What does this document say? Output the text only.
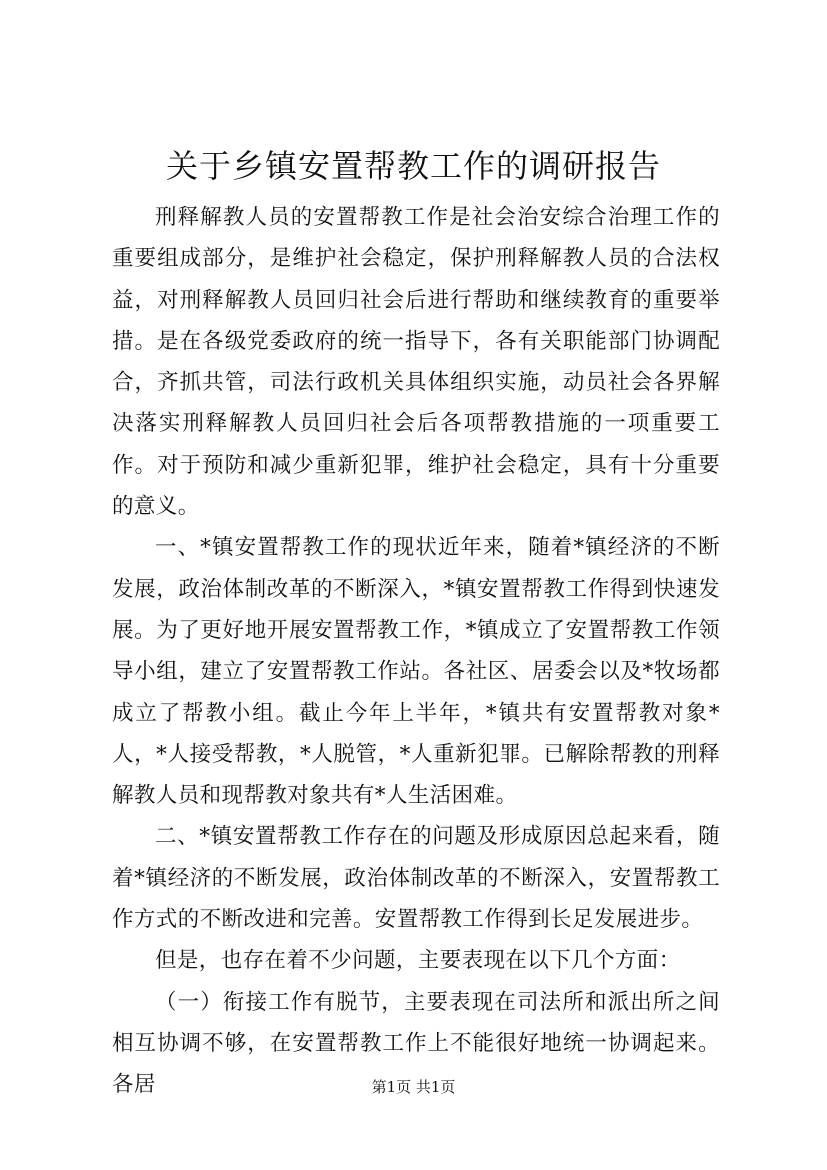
关于乡镇安置帮教工作的调研报告

刑释解教人员的安置帮教工作是社会治安综合治理工作的重要组成部分，是维护社会稳定，保护刑释解教人员的合法权益，对刑释解教人员回归社会后进行帮助和继续教育的重要举措。是在各级党委政府的统一指导下，各有关职能部门协调配合，齐抓共管，司法行政机关具体组织实施，动员社会各界解决落实刑释解教人员回归社会后各项帮教措施的一项重要工作。对于预防和减少重新犯罪，维护社会稳定，具有十分重要的意义。

一、*镇安置帮教工作的现状近年来，随着*镇经济的不断发展，政治体制改革的不断深入，*镇安置帮教工作得到快速发展。为了更好地开展安置帮教工作，*镇成立了安置帮教工作领导小组，建立了安置帮教工作站。各社区、居委会以及*牧场都成立了帮教小组。截止今年上半年，*镇共有安置帮教对象*人，*人接受帮教，*人脱管，*人重新犯罪。已解除帮教的刑释解教人员和现帮教对象共有*人生活困难。

二、*镇安置帮教工作存在的问题及形成原因总起来看，随着*镇经济的不断发展，政治体制改革的不断深入，安置帮教工作方式的不断改进和完善。安置帮教工作得到长足发展进步。

但是，也存在着不少问题，主要表现在以下几个方面：

（一）衔接工作有脱节，主要表现在司法所和派出所之间相互协调不够，在安置帮教工作上不能很好地统一协调起来。各居	第1页 共1页
